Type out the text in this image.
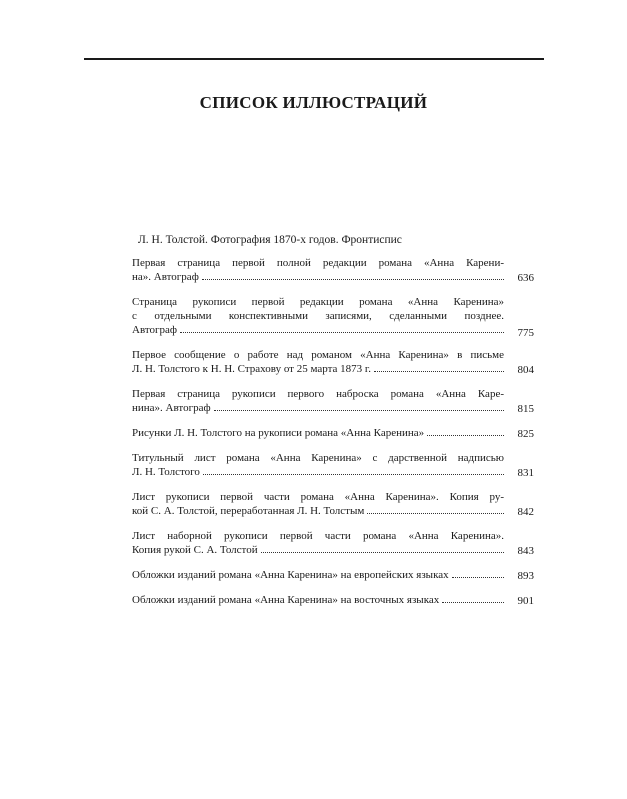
СПИСОК ИЛЛЮСТРАЦИЙ
Л. Н. Толстой. Фотография 1870-х годов. Фронтиспис
Первая страница первой полной редакции романа «Анна Карени-
на». Автограф	636
Страница рукописи первой редакции романа «Анна Каренина»
с отдельными конспективными записями, сделанными позднее.
Автограф	775
Первое сообщение о работе над романом «Анна Каренина» в письме
Л. Н. Толстого к Н. Н. Страхову от 25 марта 1873 г.	804
Первая страница рукописи первого наброска романа «Анна Каре-
нина». Автограф	815
Рисунки Л. Н. Толстого на рукописи романа «Анна Каренина»	825
Титульный лист романа «Анна Каренина» с дарственной надписью
Л. Н. Толстого	831
Лист рукописи первой части романа «Анна Каренина». Копия ру-
кой С. А. Толстой, переработанная Л. Н. Толстым	842
Лист наборной рукописи первой части романа «Анна Каренина».
Копия рукой С. А. Толстой	843
Обложки изданий романа «Анна Каренина» на европейских языках	893
Обложки изданий романа «Анна Каренина» на восточных языках	901
